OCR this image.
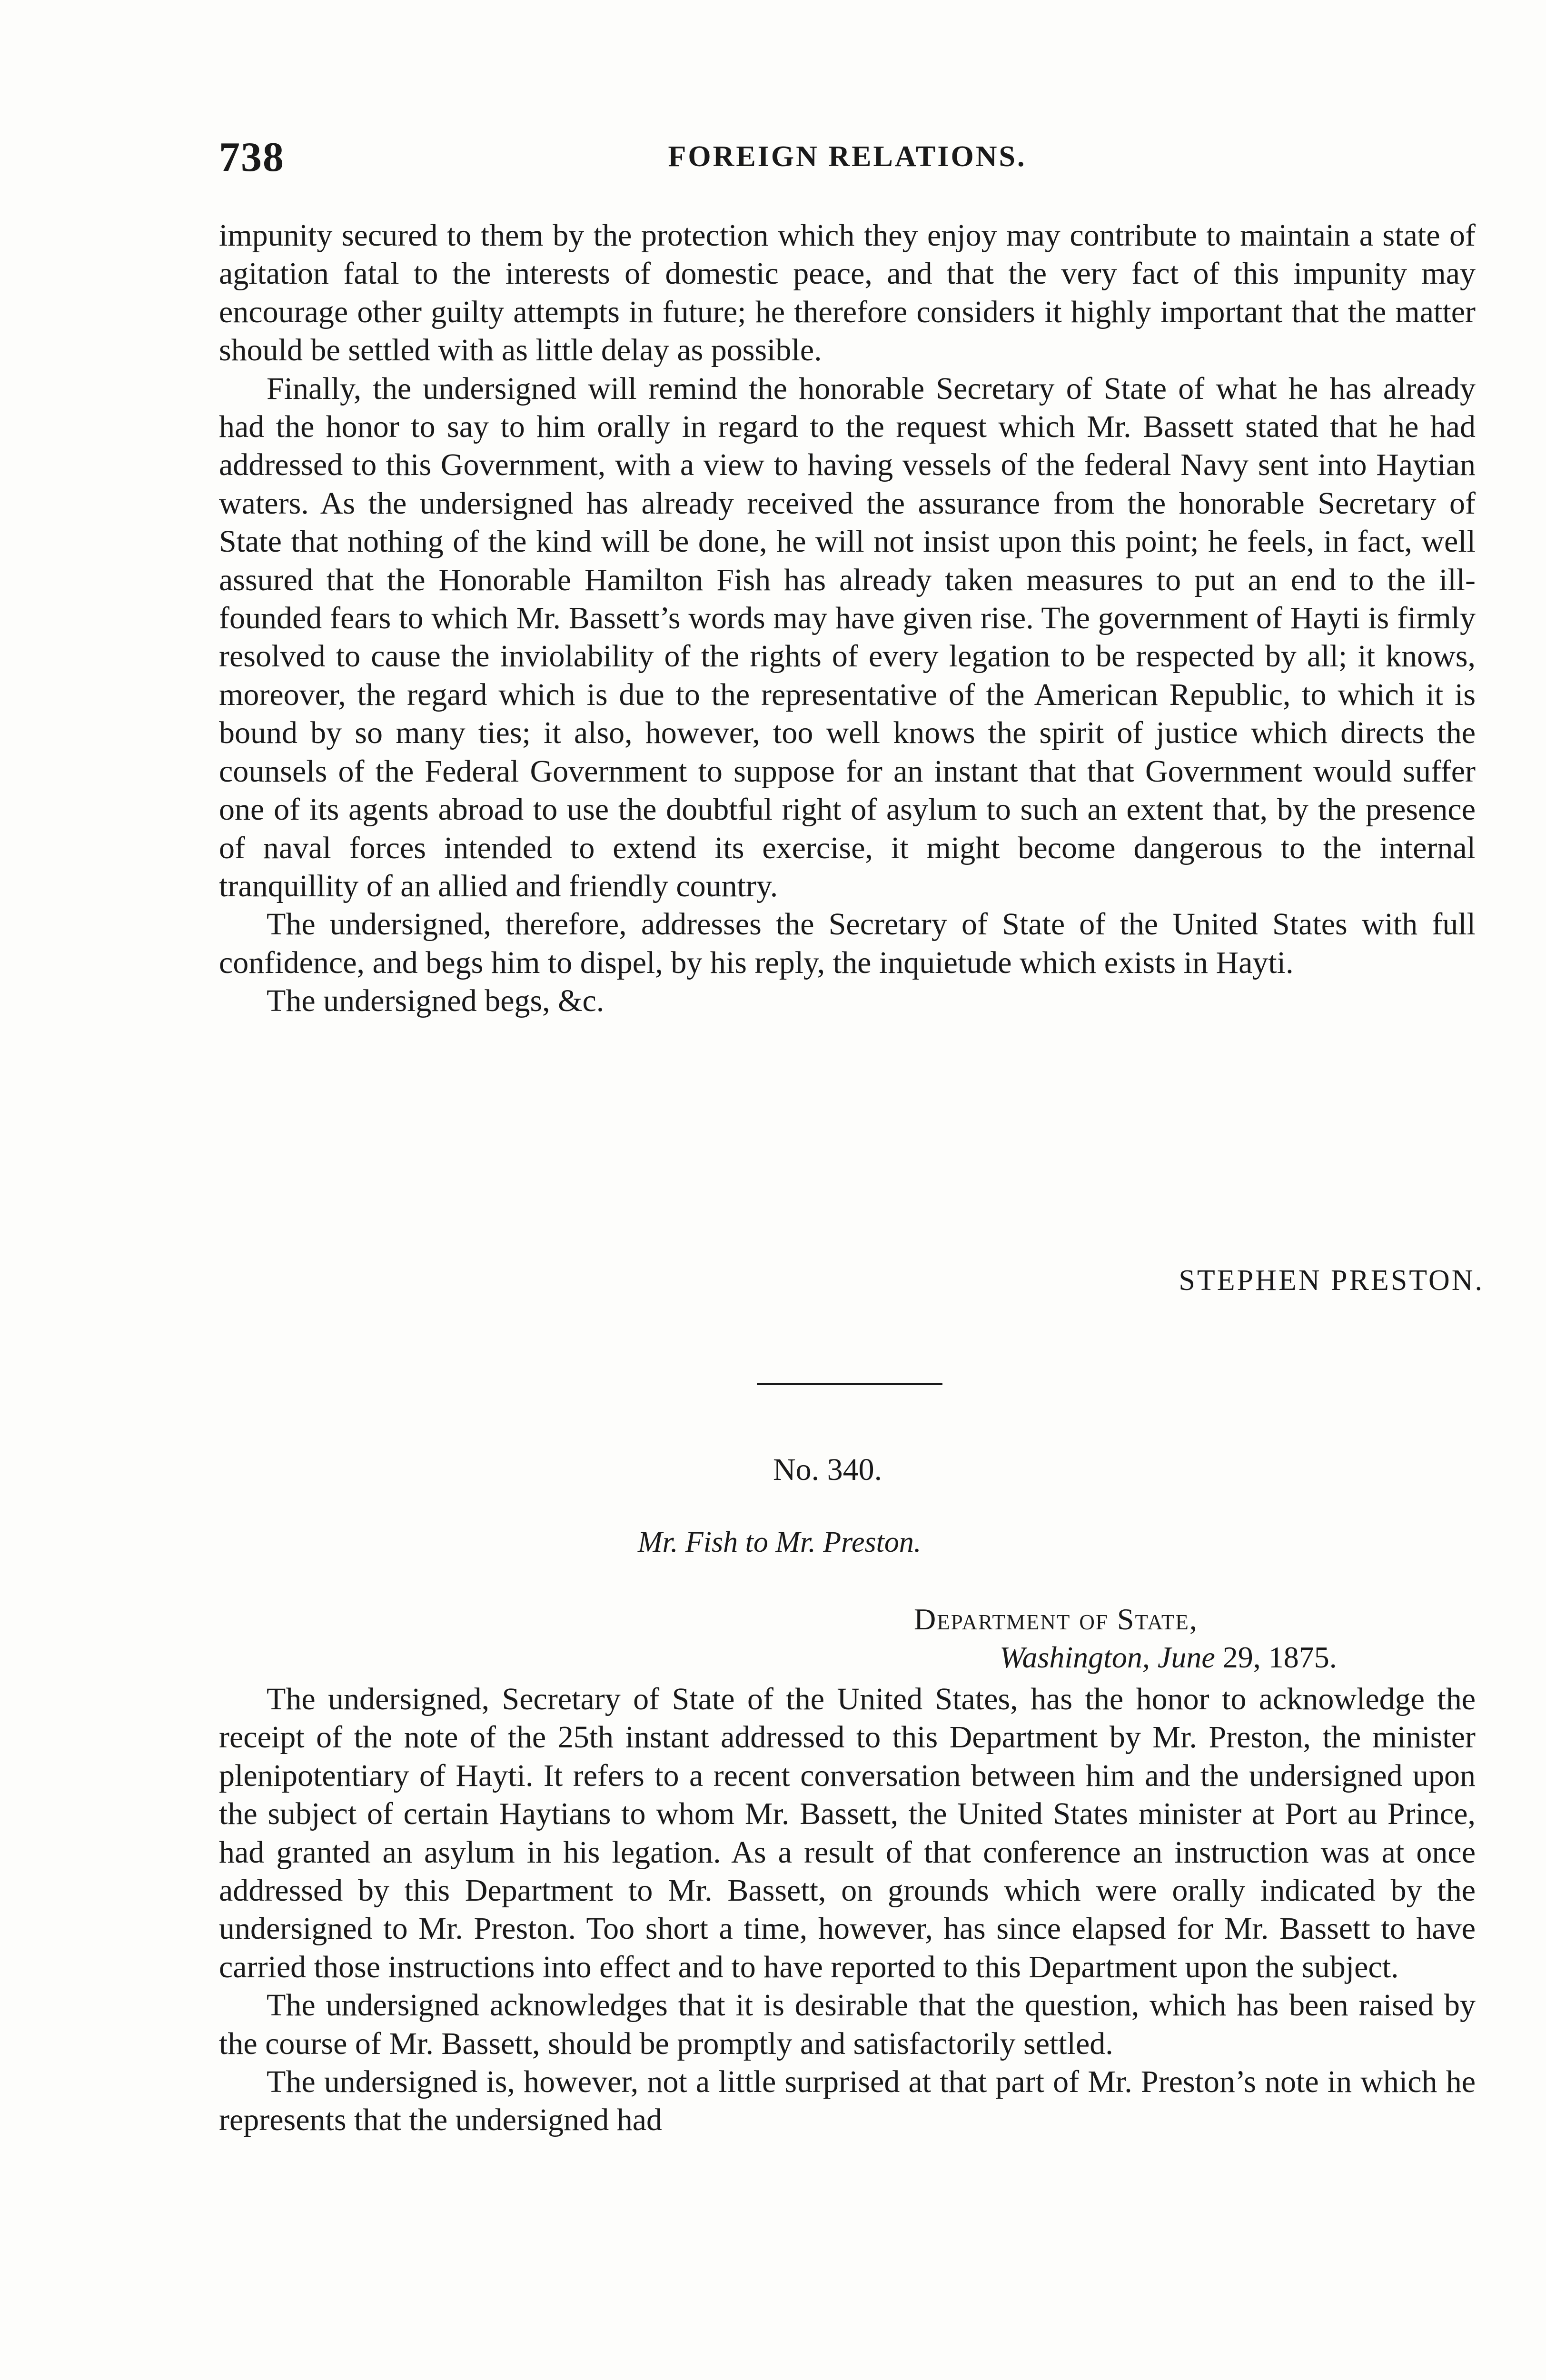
738	FOREIGN RELATIONS.

impunity secured to them by the protection which they enjoy may contribute to maintain a state of agitation fatal to the interests of domestic peace, and that the very fact of this impunity may encourage other guilty attempts in future; he therefore considers it highly important that the matter should be settled with as little delay as possible.

Finally, the undersigned will remind the honorable Secretary of State of what he has already had the honor to say to him orally in regard to the request which Mr. Bassett stated that he had addressed to this Government, with a view to having vessels of the federal Navy sent into Haytian waters. As the undersigned has already received the assurance from the honorable Secretary of State that nothing of the kind will be done, he will not insist upon this point; he feels, in fact, well assured that the Honorable Hamilton Fish has already taken measures to put an end to the ill-founded fears to which Mr. Bassett’s words may have given rise. The government of Hayti is firmly resolved to cause the inviolability of the rights of every legation to be respected by all; it knows, moreover, the regard which is due to the representative of the American Republic, to which it is bound by so many ties; it also, however, too well knows the spirit of justice which directs the counsels of the Federal Government to suppose for an instant that that Government would suffer one of its agents abroad to use the doubtful right of asylum to such an extent that, by the presence of naval forces intended to extend its exercise, it might become dangerous to the internal tranquillity of an allied and friendly country.

The undersigned, therefore, addresses the Secretary of State of the United States with full confidence, and begs him to dispel, by his reply, the inquietude which exists in Hayti.

The undersigned begs, &c.

STEPHEN PRESTON.
No. 340.
Mr. Fish to Mr. Preston.
Department of State,
Washington, June 29, 1875.

The undersigned, Secretary of State of the United States, has the honor to acknowledge the receipt of the note of the 25th instant addressed to this Department by Mr. Preston, the minister plenipotentiary of Hayti. It refers to a recent conversation between him and the undersigned upon the subject of certain Haytians to whom Mr. Bassett, the United States minister at Port au Prince, had granted an asylum in his legation. As a result of that conference an instruction was at once addressed by this Department to Mr. Bassett, on grounds which were orally indicated by the undersigned to Mr. Preston. Too short a time, however, has since elapsed for Mr. Bassett to have carried those instructions into effect and to have reported to this Department upon the subject.

The undersigned acknowledges that it is desirable that the question, which has been raised by the course of Mr. Bassett, should be promptly and satisfactorily settled.

The undersigned is, however, not a little surprised at that part of Mr. Preston’s note in which he represents that the undersigned had
